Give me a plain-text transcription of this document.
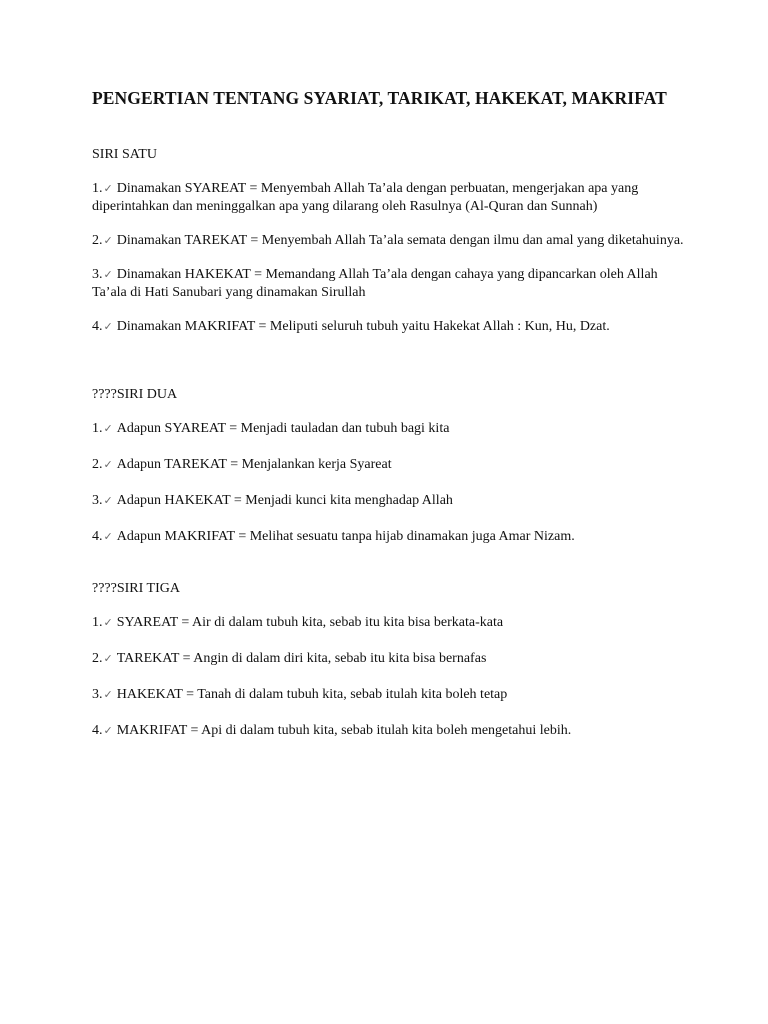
PENGERTIAN TENTANG SYARIAT, TARIKAT, HAKEKAT, MAKRIFAT
SIRI SATU
1.✓ Dinamakan SYAREAT = Menyembah Allah Ta’ala dengan perbuatan, mengerjakan apa yang diperintahkan dan meninggalkan apa yang dilarang oleh Rasulnya (Al-Quran dan Sunnah)
2.✓ Dinamakan TAREKAT = Menyembah Allah Ta’ala semata dengan ilmu dan amal yang diketahuinya.
3.✓ Dinamakan HAKEKAT = Memandang Allah Ta’ala dengan cahaya yang dipancarkan oleh Allah Ta’ala di Hati Sanubari yang dinamakan Sirullah
4.✓ Dinamakan MAKRIFAT = Meliputi seluruh tubuh yaitu Hakekat Allah : Kun, Hu, Dzat.
????SIRI DUA
1.✓ Adapun SYAREAT = Menjadi tauladan dan tubuh bagi kita
2.✓ Adapun TAREKAT = Menjalankan kerja Syareat
3.✓ Adapun HAKEKAT = Menjadi kunci kita menghadap Allah
4.✓ Adapun MAKRIFAT = Melihat sesuatu tanpa hijab dinamakan juga Amar Nizam.
????SIRI TIGA
1.✓ SYAREAT = Air di dalam tubuh kita, sebab itu kita bisa berkata-kata
2.✓ TAREKAT = Angin di dalam diri kita, sebab itu kita bisa bernafas
3.✓ HAKEKAT = Tanah di dalam tubuh kita, sebab itulah kita boleh tetap
4.✓ MAKRIFAT = Api di dalam tubuh kita, sebab itulah kita boleh mengetahui lebih.
